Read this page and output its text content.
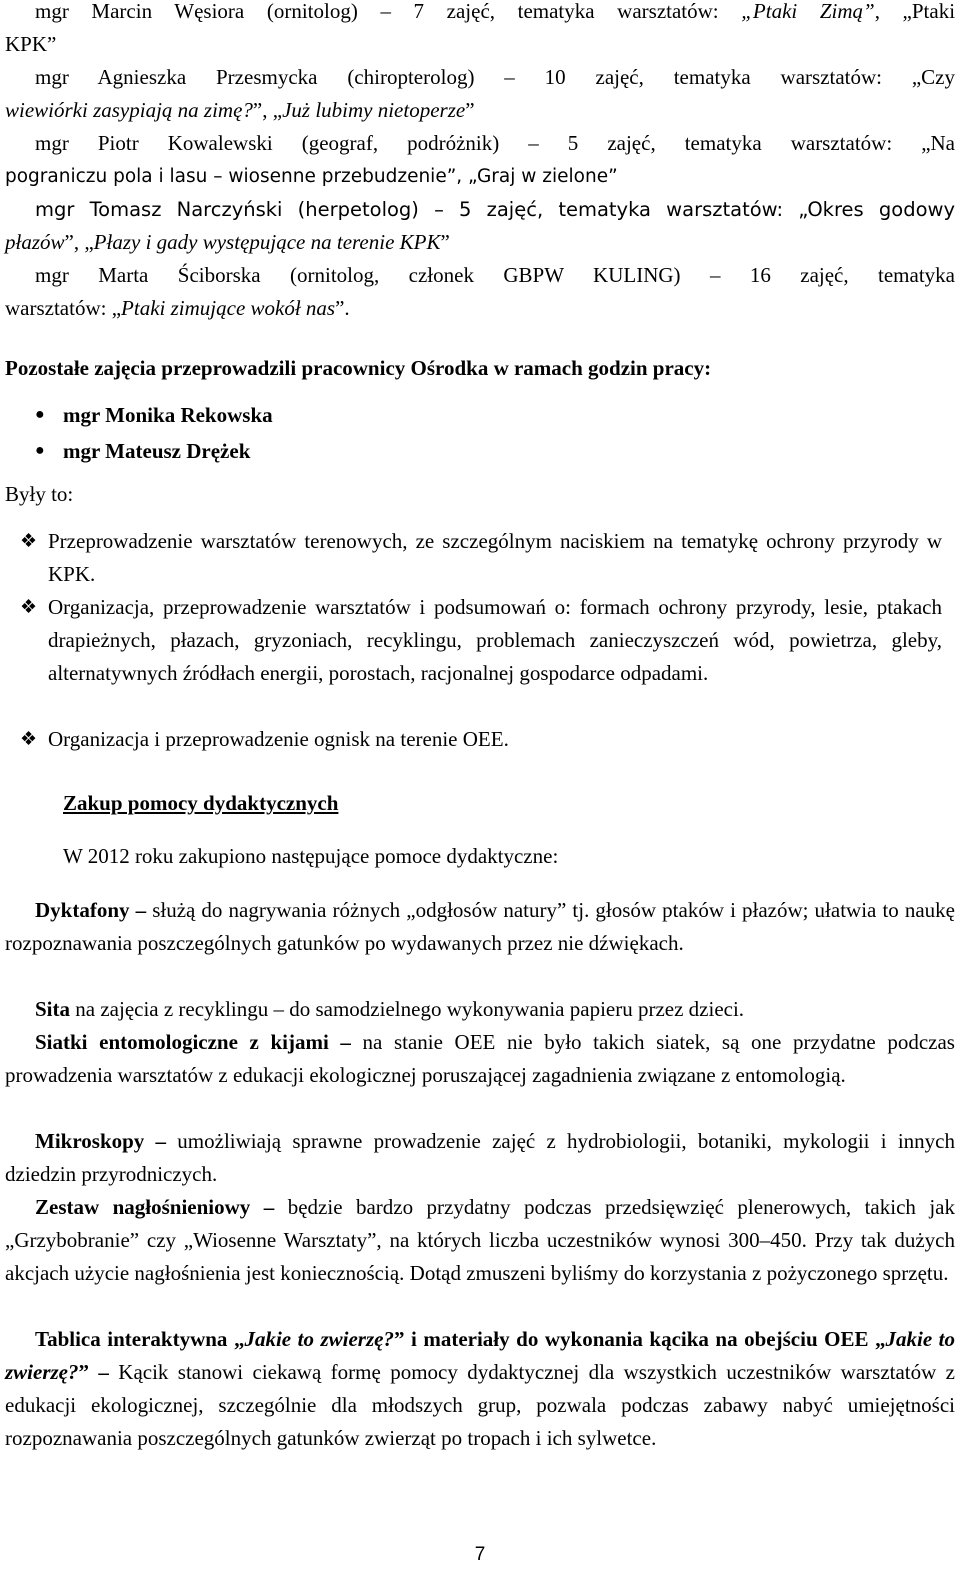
mgr Marcin Węsiora (ornitolog) – 7 zajęć, tematyka warsztatów: „Ptaki Zimą”, „Ptaki

KPK”

mgr Agnieszka Przesmycka (chiropterolog) – 10 zajęć, tematyka warsztatów: „Czy

wiewiórki zasypiają na zimę?”, „Już lubimy nietoperze”

mgr Piotr Kowalewski (geograf, podróżnik) – 5 zajęć, tematyka warsztatów: „Na

pograniczu pola i lasu – wiosenne przebudzenie”, „Graj w zielone”

mgr Tomasz Narczyński (herpetolog) – 5 zajęć, tematyka warsztatów: „Okres godowy

płazów”, „Płazy i gady występujące na terenie KPK”

mgr Marta Ściborska (ornitolog, członek GBPW KULING) – 16 zajęć, tematyka

warsztatów: „Ptaki zimujące wokół nas”.

Pozostałe zajęcia przeprowadzili pracownicy Ośrodka w ramach godzin pracy:

● mgr Monika Rekowska

● mgr Mateusz Drężek

Były to:

❖ Przeprowadzenie warsztatów terenowych, ze szczególnym naciskiem na tematykę ochrony przyrody w KPK.

❖ Organizacja, przeprowadzenie warsztatów i podsumowań o: formach ochrony przyrody, lesie, ptakach drapieżnych, płazach, gryzoniach, recyklingu, problemach zanieczyszczeń wód, powietrza, gleby, alternatywnych źródłach energii, porostach, racjonalnej gospodarce odpadami.

❖ Organizacja i przeprowadzenie ognisk na terenie OEE.

Zakup pomocy dydaktycznych

W 2012 roku zakupiono następujące pomoce dydaktyczne:

Dyktafony – służą do nagrywania różnych „odgłosów natury” tj. głosów ptaków i płazów; ułatwia to naukę rozpoznawania poszczególnych gatunków po wydawanych przez nie dźwiękach.

Sita na zajęcia z recyklingu – do samodzielnego wykonywania papieru przez dzieci.

Siatki entomologiczne z kijami – na stanie OEE nie było takich siatek, są one przydatne podczas prowadzenia warsztatów z edukacji ekologicznej poruszającej zagadnienia związane z entomologią.

Mikroskopy – umożliwiają sprawne prowadzenie zajęć z hydrobiologii, botaniki, mykologii i innych dziedzin przyrodniczych.

Zestaw nagłośnieniowy – będzie bardzo przydatny podczas przedsięwzięć plenerowych, takich jak „Grzybobranie” czy „Wiosenne Warsztaty”, na których liczba uczestników wynosi 300–450. Przy tak dużych akcjach użycie nagłośnienia jest koniecznością. Dotąd zmuszeni byliśmy do korzystania z pożyczonego sprzętu.

Tablica interaktywna „Jakie to zwierzę?” i materiały do wykonania kącika na obejściu OEE „Jakie to zwierzę?” – Kącik stanowi ciekawą formę pomocy dydaktycznej dla wszystkich uczestników warsztatów z edukacji ekologicznej, szczególnie dla młodszych grup, pozwala podczas zabawy nabyć umiejętności rozpoznawania poszczególnych gatunków zwierząt po tropach i ich sylwetce.

7
